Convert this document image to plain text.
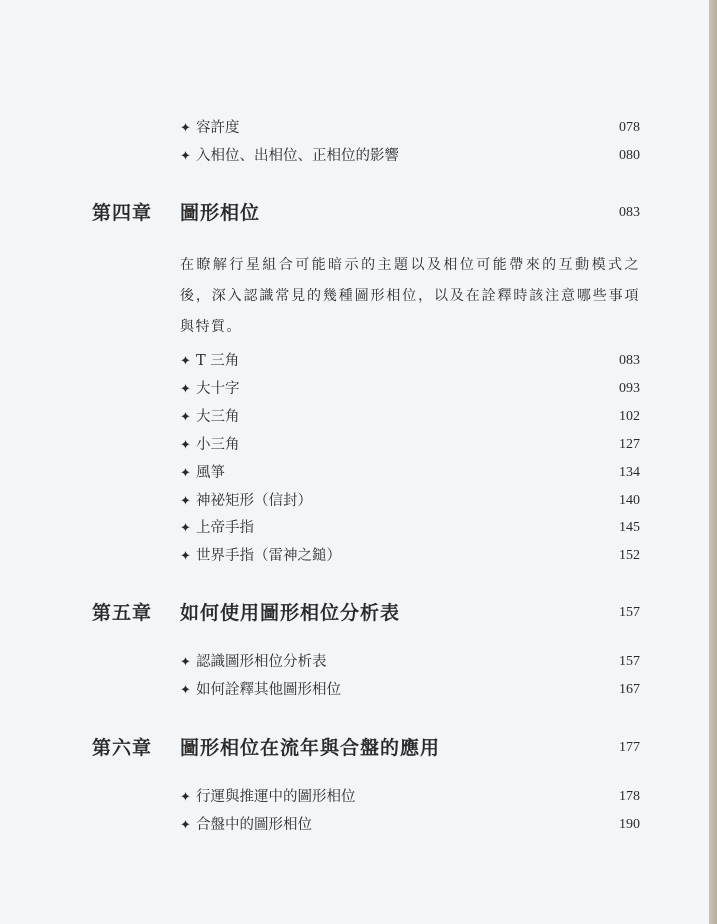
✦ 容許度	078
✦ 入相位、出相位、正相位的影響	080
第四章 圖形相位	083
在瞭解行星組合可能暗示的主題以及相位可能帶來的互動模式之後，深入認識常見的幾種圖形相位，以及在詮釋時該注意哪些事項與特質。
✦ T 三角	083
✦ 大十字	093
✦ 大三角	102
✦ 小三角	127
✦ 風箏	134
✦ 神祕矩形（信封）	140
✦ 上帝手指	145
✦ 世界手指（雷神之鎚）	152
第五章 如何使用圖形相位分析表	157
✦ 認識圖形相位分析表	157
✦ 如何詮釋其他圖形相位	167
第六章 圖形相位在流年與合盤的應用	177
✦ 行運與推運中的圖形相位	178
✦ 合盤中的圖形相位	190
